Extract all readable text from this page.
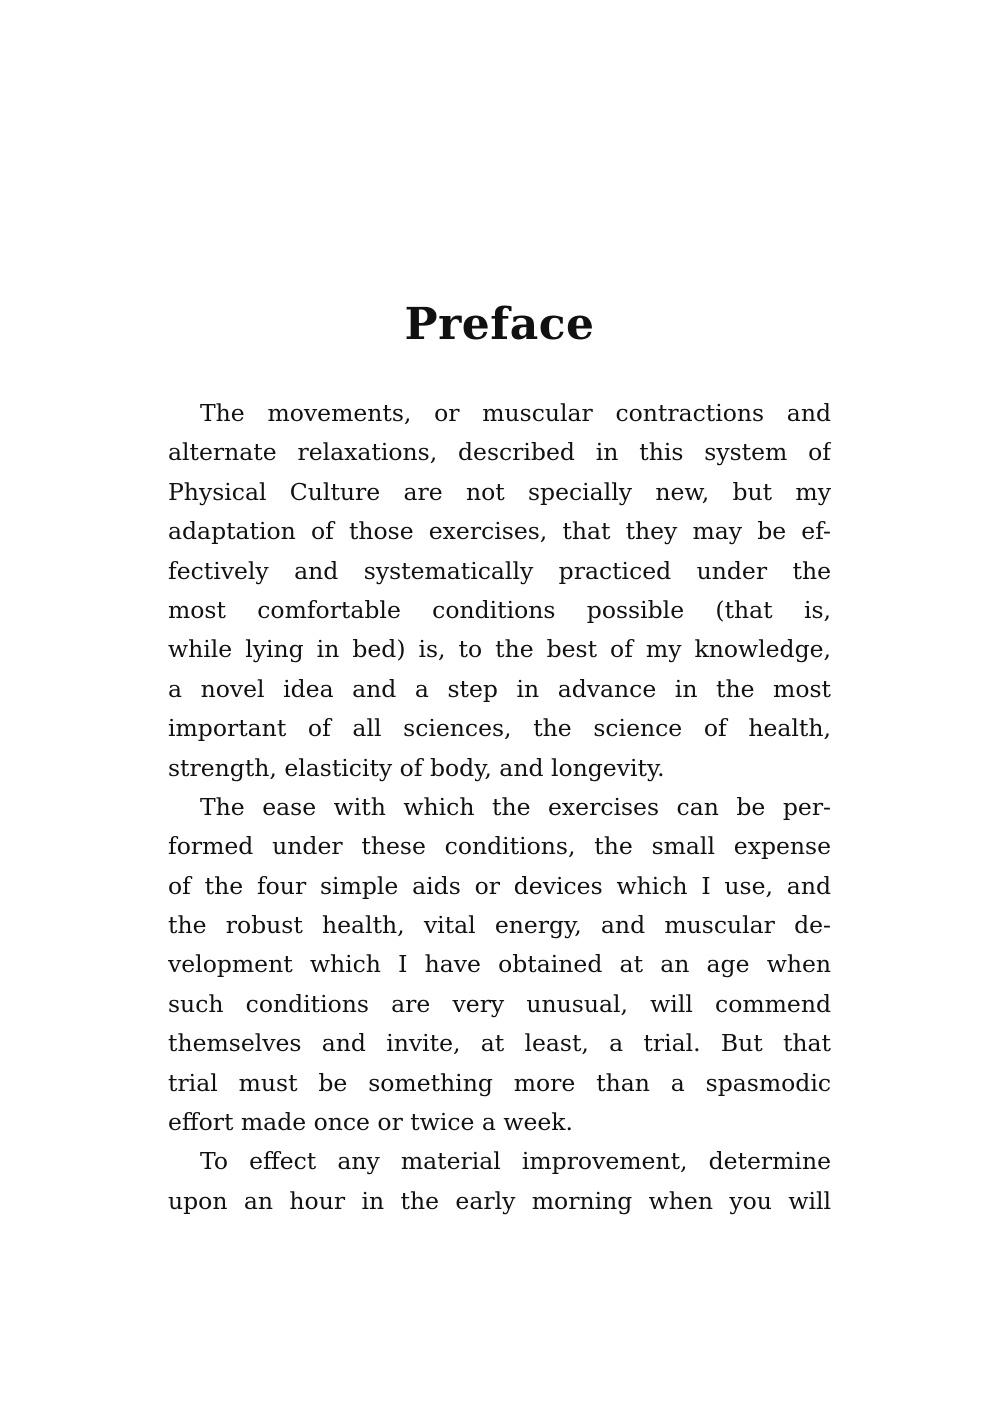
Preface
The movements, or muscular contractions and
alternate relaxations, described in this system of
Physical Culture are not specially new, but my
adaptation of those exercises, that they may be ef-
fectively and systematically practiced under the
most comfortable conditions possible (that is,
while lying in bed) is, to the best of my knowledge,
a novel idea and a step in advance in the most
important of all sciences, the science of health,
strength, elasticity of body, and longevity.
The ease with which the exercises can be per-
formed under these conditions, the small expense
of the four simple aids or devices which I use, and
the robust health, vital energy, and muscular de-
velopment which I have obtained at an age when
such conditions are very unusual, will commend
themselves and invite, at least, a trial. But that
trial must be something more than a spasmodic
effort made once or twice a week.
To effect any material improvement, determine
upon an hour in the early morning when you will
